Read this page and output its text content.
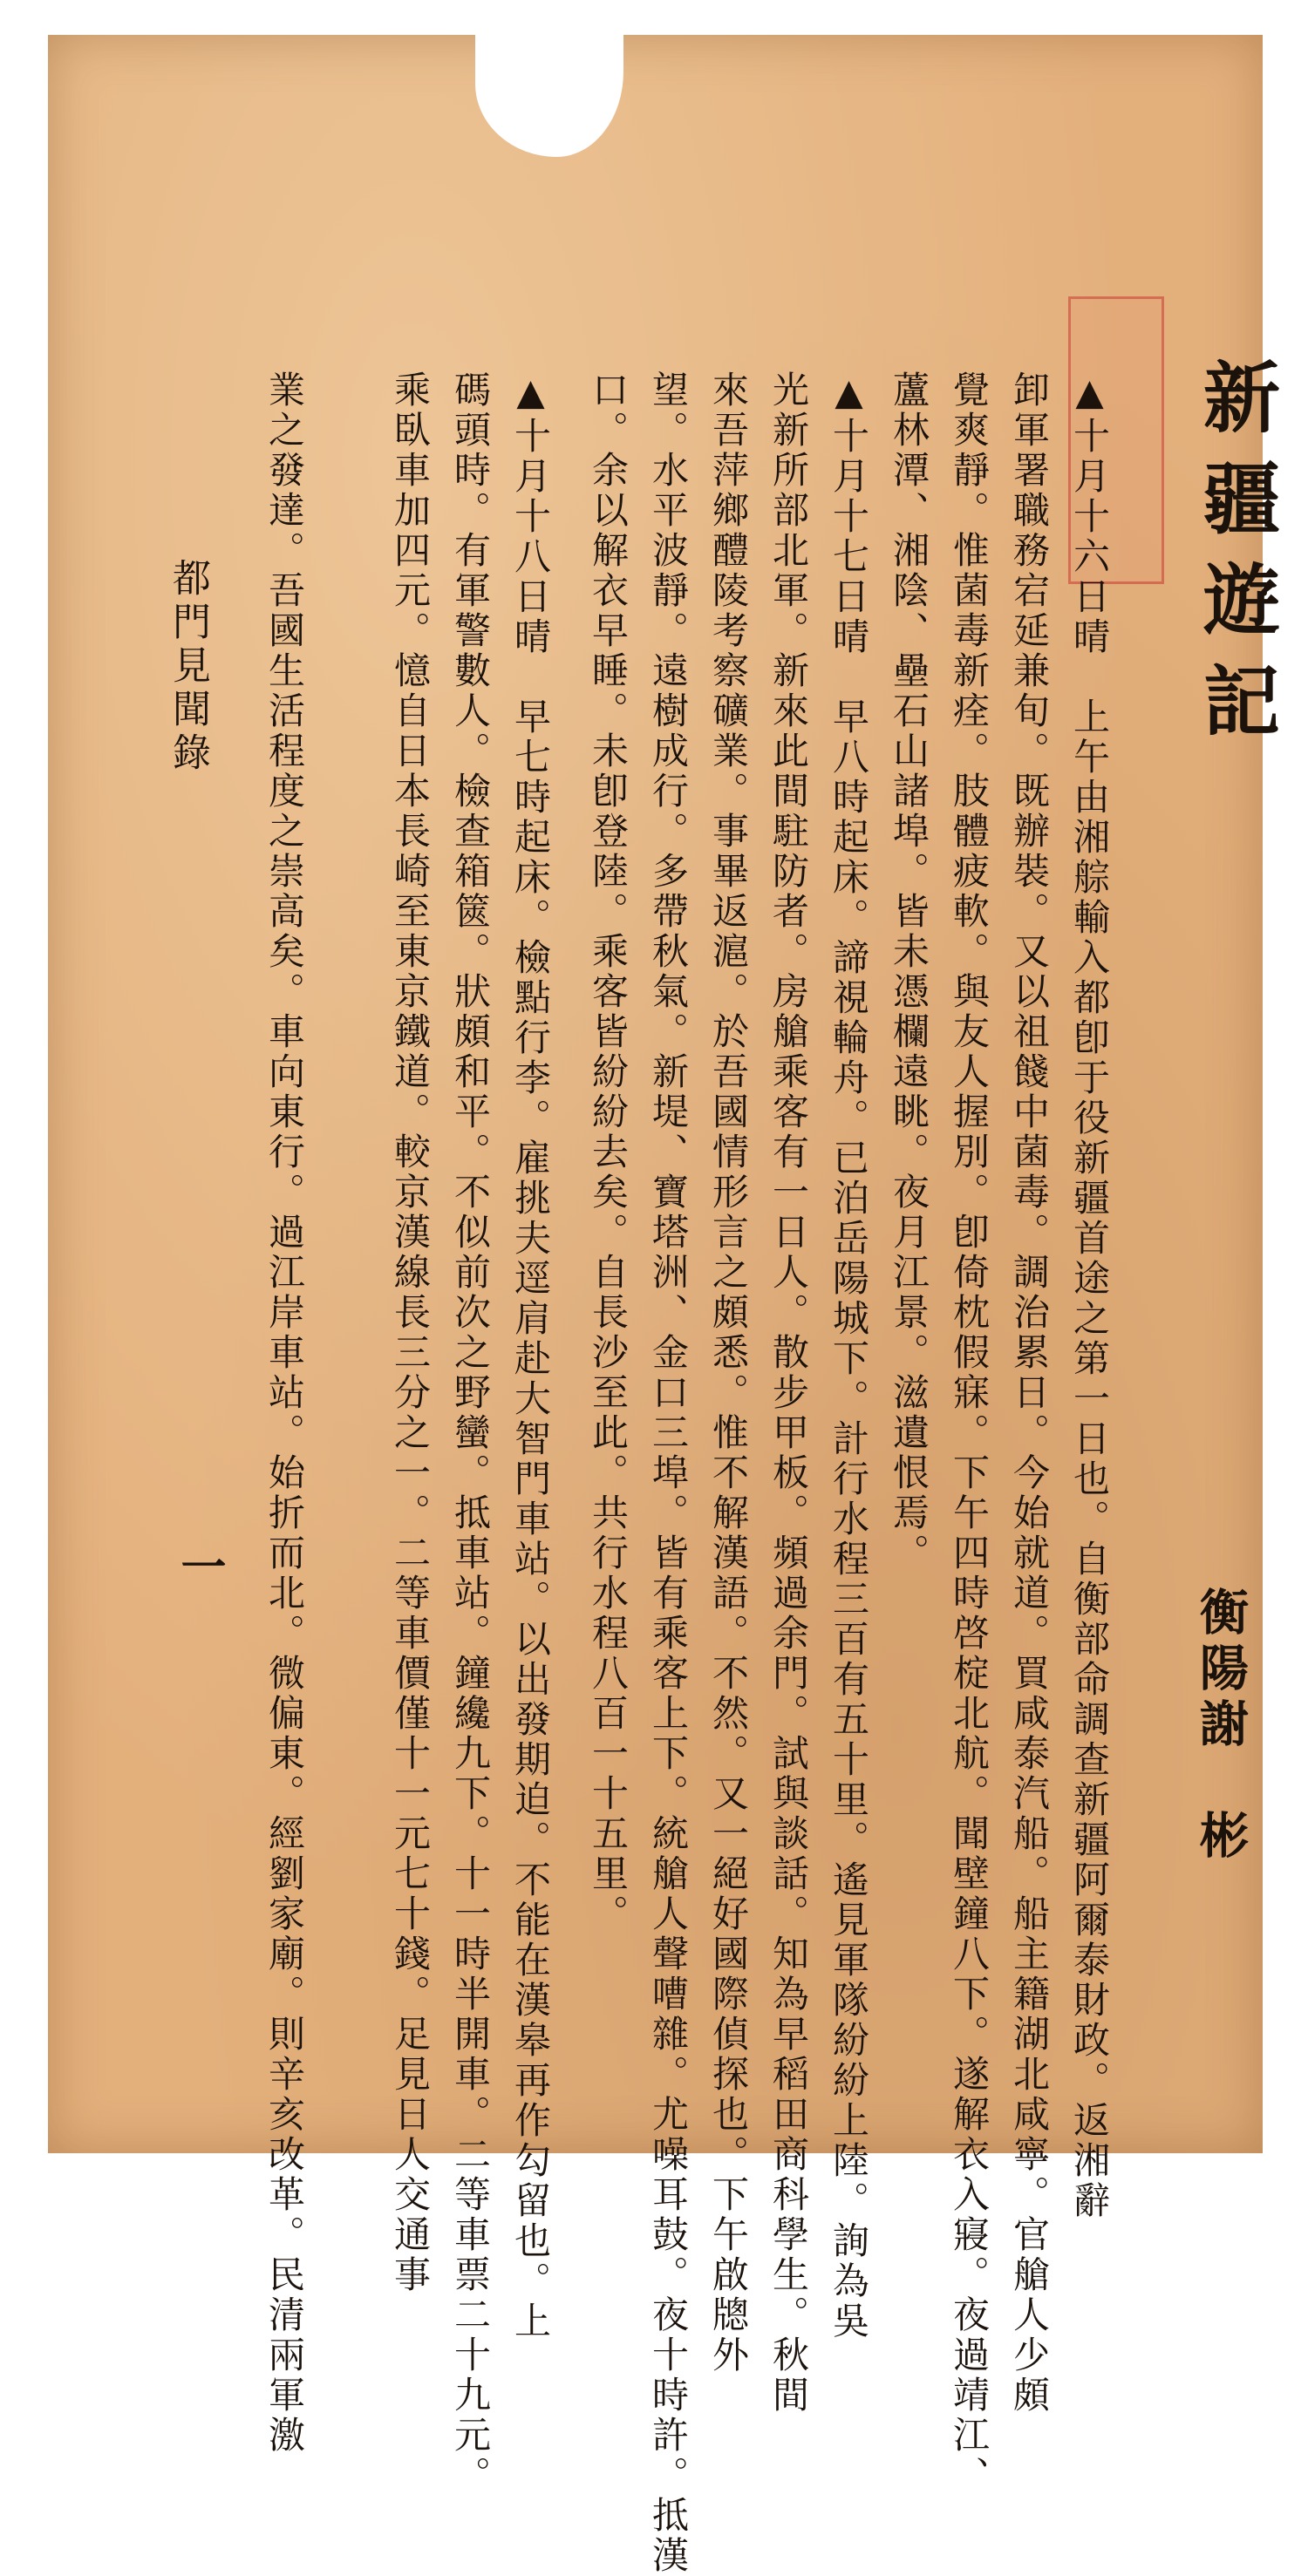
新疆遊記
衡陽謝　彬
▲十月十六日晴　上午由湘䑸輸入都卽于役新疆首途之第一日也。自衡部命調查新疆阿爾泰財政。返湘辭
卸軍署職務宕延兼旬。既辦裝。又以祖餞中菌毒。調治累日。今始就道。買咸泰汽船。船主籍湖北咸寧。官艙人少頗
覺爽靜。惟菌毒新痊。肢體疲軟。與友人握別。卽倚枕假寐。下午四時啓椗北航。聞壁鐘八下。遂解衣入寢。夜過靖江、
蘆林潭、湘陰、壘石山諸埠。皆未憑欄遠眺。夜月江景。滋遺恨焉。
▲十月十七日晴　早八時起床。諦視輪舟。已泊岳陽城下。計行水程三百有五十里。遙見軍隊紛紛上陸。詢為吳
光新所部北軍。新來此間駐防者。房艙乘客有一日人。散步甲板。頻過余門。試與談話。知為早稻田商科學生。秋間
來吾萍鄉醴陵考察礦業。事畢返滬。於吾國情形言之頗悉。惟不解漢語。不然。又一絕好國際偵探也。下午啟牕外
望。水平波靜。遠樹成行。多帶秋氣。新堤、寶塔洲、金口三埠。皆有乘客上下。統艙人聲嘈雜。尤噪耳鼓。夜十時許。抵漢
口。余以解衣早睡。未卽登陸。乘客皆紛紛去矣。自長沙至此。共行水程八百一十五里。
▲十月十八日晴　早七時起床。檢點行李。雇挑夫逕肩赴大智門車站。以出發期迫。不能在漢皋再作勾留也。上
碼頭時。有軍警數人。檢查箱篋。狀頗和平。不似前次之野蠻。抵車站。鐘纔九下。十一時半開車。二等車票二十九元。
乘臥車加四元。憶自日本長崎至東京鐵道。較京漢線長三分之一。二等車價僅十一元七十錢。足見日人交通事
業之發達。吾國生活程度之崇高矣。車向東行。過江岸車站。始折而北。微偏東。經劉家廟。則辛亥改革。民清兩軍激
都門見聞錄
一
